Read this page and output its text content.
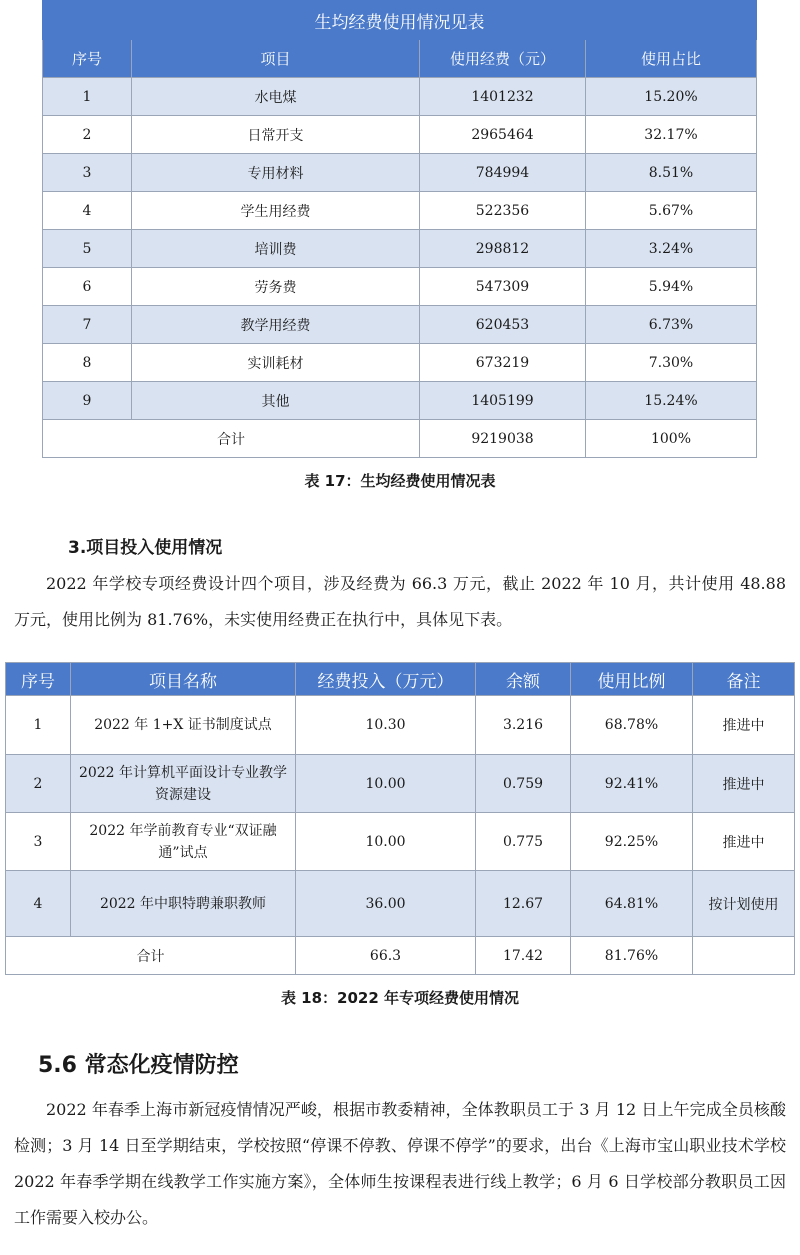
生均经费使用情况见表			
序号	项目	使用经费（元）	使用占比
1	水电煤	1401232	15.20%
2	日常开支	2965464	32.17%
3	专用材料	784994	8.51%
4	学生用经费	522356	5.67%
5	培训费	298812	3.24%
6	劳务费	547309	5.94%
7	教学用经费	620453	6.73%
8	实训耗材	673219	7.30%
9	其他	1405199	15.24%
合计		9219038	100%
表 17：生均经费使用情况表
3.项目投入使用情况

2022 年学校专项经费设计四个项目，涉及经费为 66.3 万元，截止 2022 年 10 月，共计使用 48.88 万元，使用比例为 81.76%，未实使用经费正在执行中，具体见下表。

序号	项目名称	经费投入（万元）	余额	使用比例	备注
1	2022 年 1+X 证书制度试点	10.30	3.216	68.78%	推进中
2	2022 年计算机平面设计专业教学资源建设	10.00	0.759	92.41%	推进中
3	2022 年学前教育专业“双证融通”试点	10.00	0.775	92.25%	推进中
4	2022 年中职特聘兼职教师	36.00	12.67	64.81%	按计划使用
合计		66.3	17.42	81.76%	
表 18：2022 年专项经费使用情况
5.6 常态化疫情防控

2022 年春季上海市新冠疫情情况严峻，根据市教委精神，全体教职员工于 3 月 12 日上午完成全员核酸检测；3 月 14 日至学期结束，学校按照“停课不停教、停课不停学”的要求，出台《上海市宝山职业技术学校 2022 年春季学期在线教学工作实施方案》，全体师生按课程表进行线上教学；6 月 6 日学校部分教职员工因工作需要入校办公。
